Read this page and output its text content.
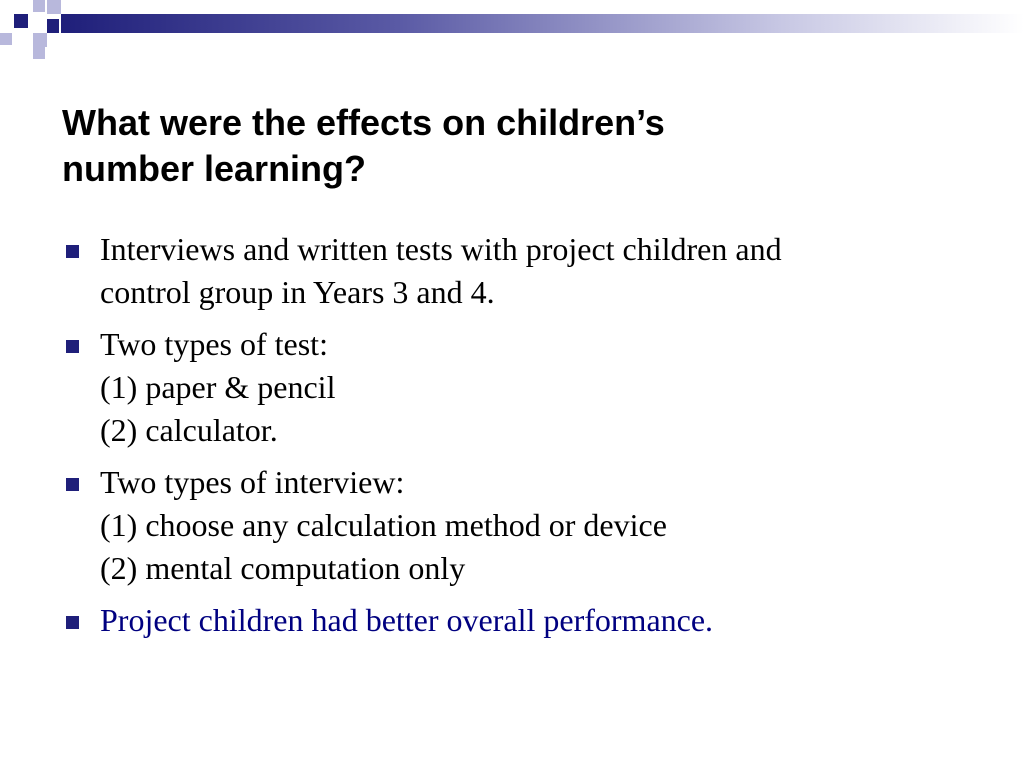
What were the effects on children’s
number learning?
Interviews and written tests with project children and
control group in Years 3 and 4.
Two types of test:
(1) paper & pencil
(2) calculator.
Two types of interview:
(1) choose any calculation method or device
(2) mental computation only
Project children had better overall performance.
